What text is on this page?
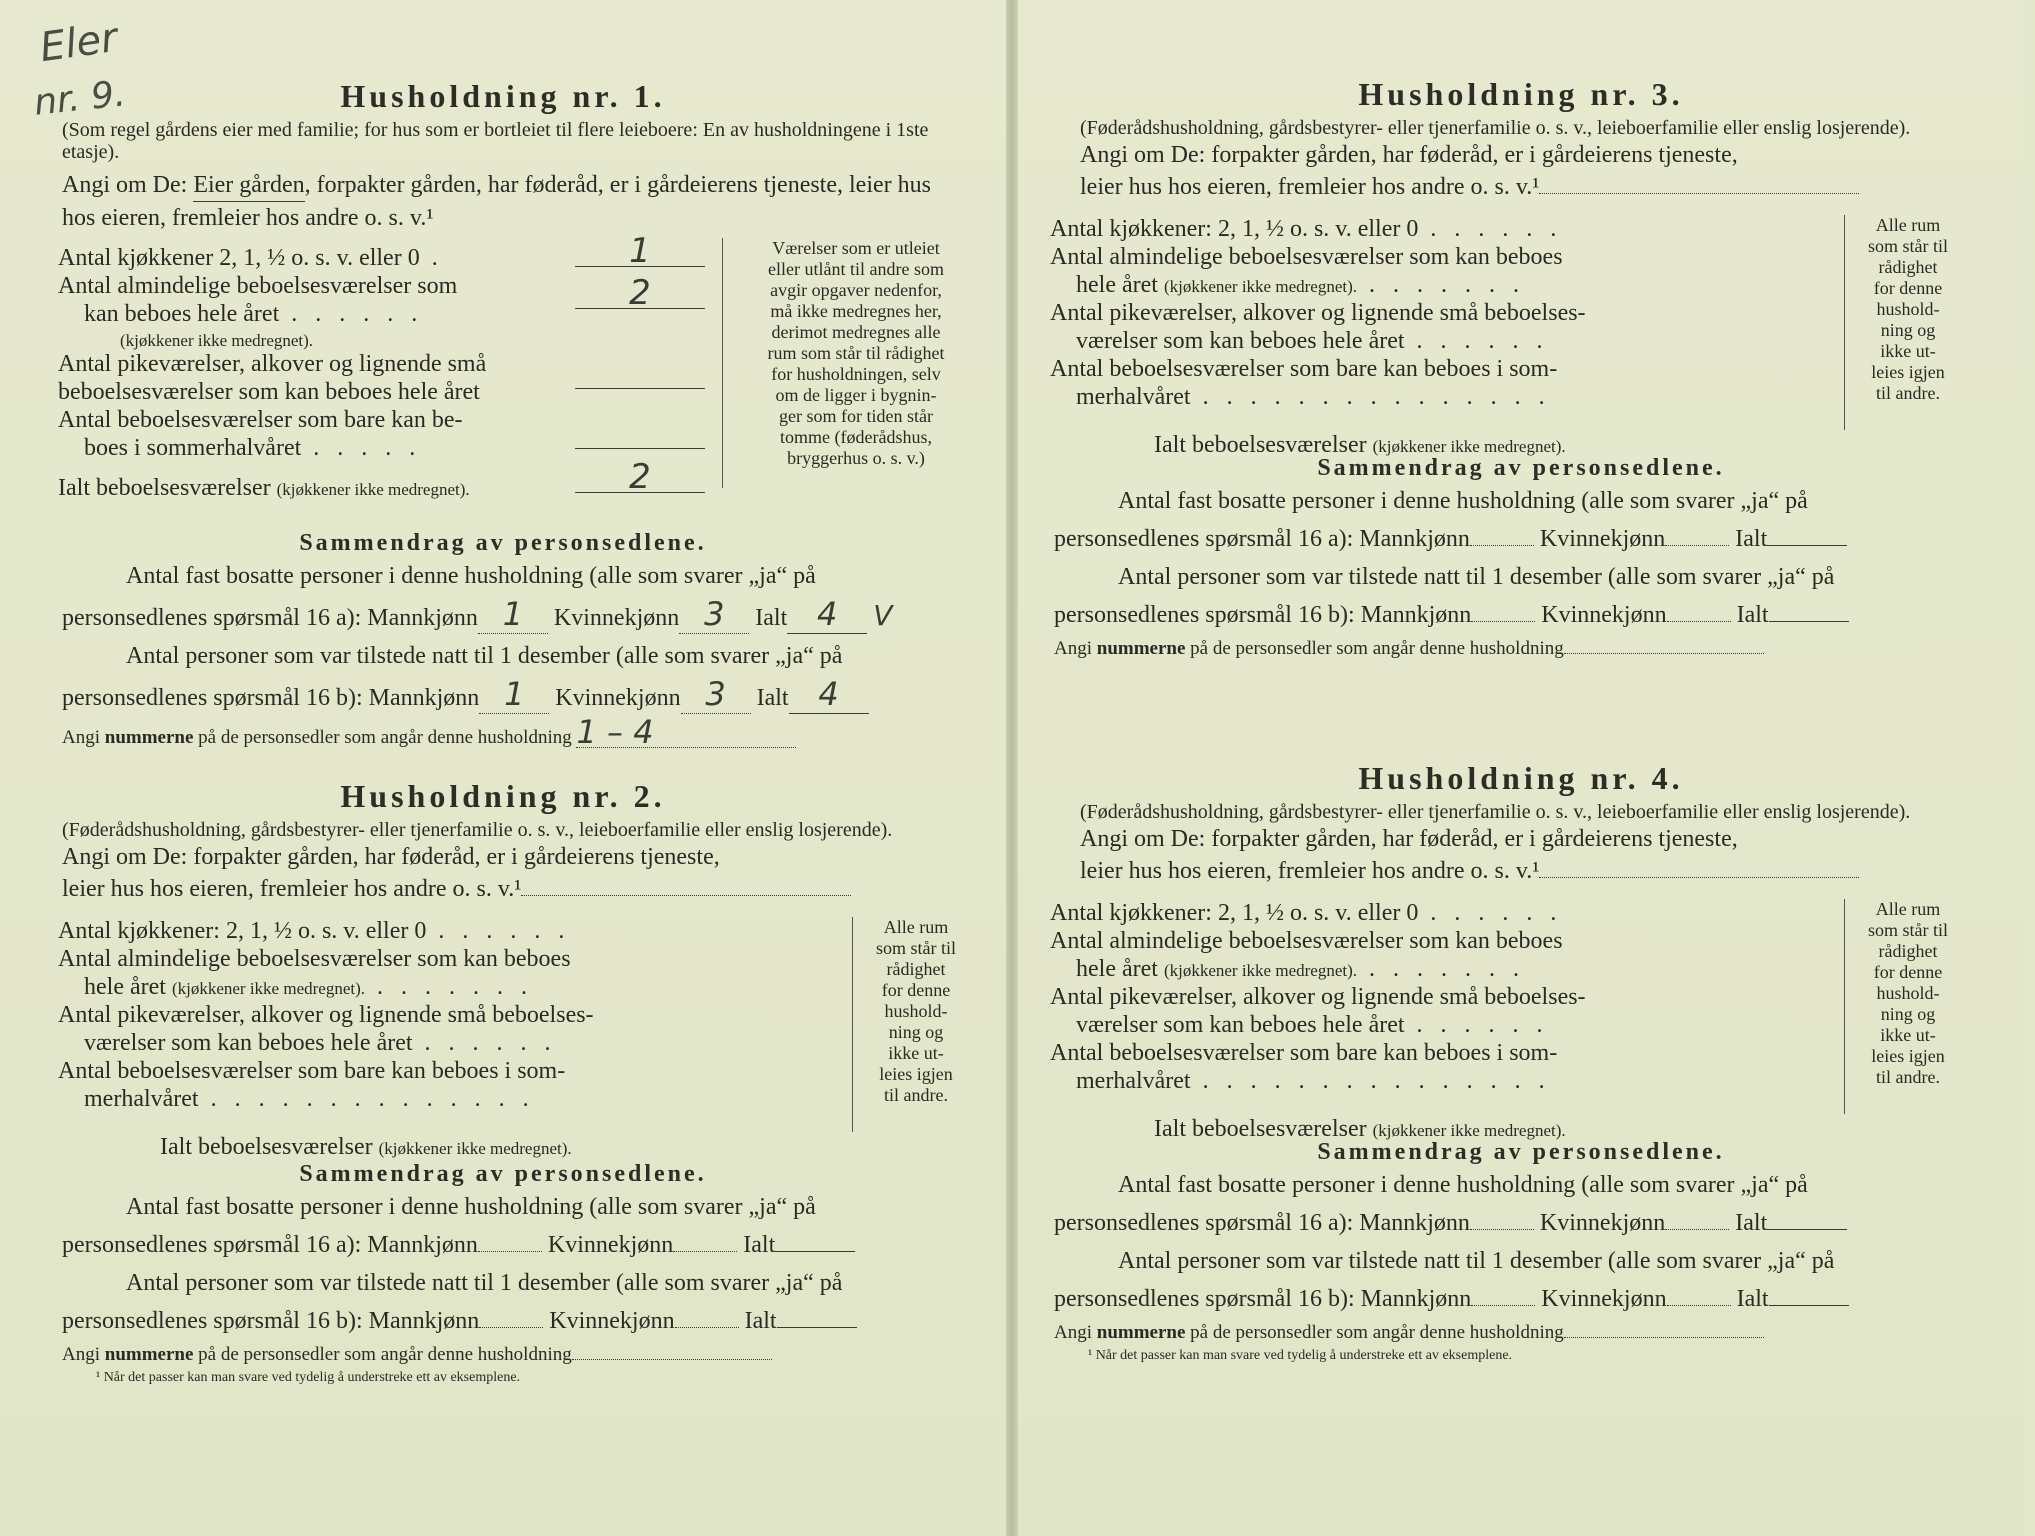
Eler
nr. 9.	Husholdning nr. 1.
(Som regel gårdens eier med familie; for hus som er bortleiet til flere leieboere: En av husholdningene i 1ste etasje).
Angi om De: Eier gården, forpakter gården, har føderåd, er i gårdeierens tjeneste, leier hus hos eieren, fremleier hos andre o. s. v.¹
Antal kjøkkener 2, 1, ½ o. s. v. eller 0 .	1
Antal almindelige beboelsesværelser som
kan beboes hele året . . . . . .
2
(kjøkkener ikke medregnet).
Antal pikeværelser, alkover og lignende små
beboelsesværelser som kan beboes hele året
Antal beboelsesværelser som bare kan be-
boes i sommerhalvåret . . . . .
Ialt beboelsesværelser (kjøkkener ikke medregnet).	2
Værelser som er utleiet
eller utlånt til andre som
avgir opgaver nedenfor,
må ikke medregnes her,
derimot medregnes alle
rum som står til rådighet
for husholdningen, selv
om de ligger i bygnin-
ger som for tiden står
tomme (føderådshus,
bryggerhus o. s. v.)
Sammendrag av personsedlene.
Antal fast bosatte personer i denne husholdning (alle som svarer „ja“ på
personsedlenes spørsmål 16 a): Mannkjønn 1 Kvinnekjønn 3 Ialt 4 V
Antal personer som var tilstede natt til 1 desember (alle som svarer „ja“ på
personsedlenes spørsmål 16 b): Mannkjønn 1 Kvinnekjønn 3 Ialt 4
Angi nummerne på de personsedler som angår denne husholdning 1 – 4
Husholdning nr. 2.
(Føderådshusholdning, gårdsbestyrer- eller tjenerfamilie o. s. v., leieboerfamilie eller enslig losjerende).
Angi om De: forpakter gården, har føderåd, er i gårdeierens tjeneste,
leier hus hos eieren, fremleier hos andre o. s. v.¹
Antal kjøkkener: 2, 1, ½ o. s. v. eller 0 . . . . . .
Antal almindelige beboelsesværelser som kan beboes
hele året (kjøkkener ikke medregnet). . . . . . . .
Antal pikeværelser, alkover og lignende små beboelses-
værelser som kan beboes hele året . . . . . .
Antal beboelsesværelser som bare kan beboes i som-
merhalvåret . . . . . . . . . . . . . .
Ialt beboelsesværelser (kjøkkener ikke medregnet).
Alle rum
som står til
rådighet
for denne
hushold-
ning og
ikke ut-
leies igjen
til andre.
Sammendrag av personsedlene.
Antal fast bosatte personer i denne husholdning (alle som svarer „ja“ på
personsedlenes spørsmål 16 a): Mannkjønn	Kvinnekjønn	Ialt
Antal personer som var tilstede natt til 1 desember (alle som svarer „ja“ på
personsedlenes spørsmål 16 b): Mannkjønn	Kvinnekjønn	Ialt
Angi nummerne på de personsedler som angår denne husholdning
¹ Når det passer kan man svare ved tydelig å understreke ett av eksemplene.
Husholdning nr. 3.
(Føderådshusholdning, gårdsbestyrer- eller tjenerfamilie o. s. v., leieboerfamilie eller enslig losjerende).
Angi om De: forpakter gården, har føderåd, er i gårdeierens tjeneste,
leier hus hos eieren, fremleier hos andre o. s. v.¹
Antal kjøkkener: 2, 1, ½ o. s. v. eller 0 . . . . . .
Antal almindelige beboelsesværelser som kan beboes
hele året (kjøkkener ikke medregnet). . . . . . . .
Antal pikeværelser, alkover og lignende små beboelses-
værelser som kan beboes hele året . . . . . .
Antal beboelsesværelser som bare kan beboes i som-
merhalvåret . . . . . . . . . . . . . . .
Ialt beboelsesværelser (kjøkkener ikke medregnet).
Alle rum
som står til
rådighet
for denne
hushold-
ning og
ikke ut-
leies igjen
til andre.
Sammendrag av personsedlene.
Antal fast bosatte personer i denne husholdning (alle som svarer „ja“ på
personsedlenes spørsmål 16 a): Mannkjønn	Kvinnekjønn	Ialt
Antal personer som var tilstede natt til 1 desember (alle som svarer „ja“ på
personsedlenes spørsmål 16 b): Mannkjønn	Kvinnekjønn	Ialt
Angi nummerne på de personsedler som angår denne husholdning
Husholdning nr. 4.
(Føderådshusholdning, gårdsbestyrer- eller tjenerfamilie o. s. v., leieboerfamilie eller enslig losjerende).
Angi om De: forpakter gården, har føderåd, er i gårdeierens tjeneste,
leier hus hos eieren, fremleier hos andre o. s. v.¹
Antal kjøkkener: 2, 1, ½ o. s. v. eller 0 . . . . . .
Antal almindelige beboelsesværelser som kan beboes
hele året (kjøkkener ikke medregnet). . . . . . . .
Antal pikeværelser, alkover og lignende små beboelses-
værelser som kan beboes hele året . . . . . .
Antal beboelsesværelser som bare kan beboes i som-
merhalvåret . . . . . . . . . . . . . . .
Ialt beboelsesværelser (kjøkkener ikke medregnet).
Alle rum
som står til
rådighet
for denne
hushold-
ning og
ikke ut-
leies igjen
til andre.
Sammendrag av personsedlene.
Antal fast bosatte personer i denne husholdning (alle som svarer „ja“ på
personsedlenes spørsmål 16 a): Mannkjønn	Kvinnekjønn	Ialt
Antal personer som var tilstede natt til 1 desember (alle som svarer „ja“ på
personsedlenes spørsmål 16 b): Mannkjønn	Kvinnekjønn	Ialt
Angi nummerne på de personsedler som angår denne husholdning
¹ Når det passer kan man svare ved tydelig å understreke ett av eksemplene.
